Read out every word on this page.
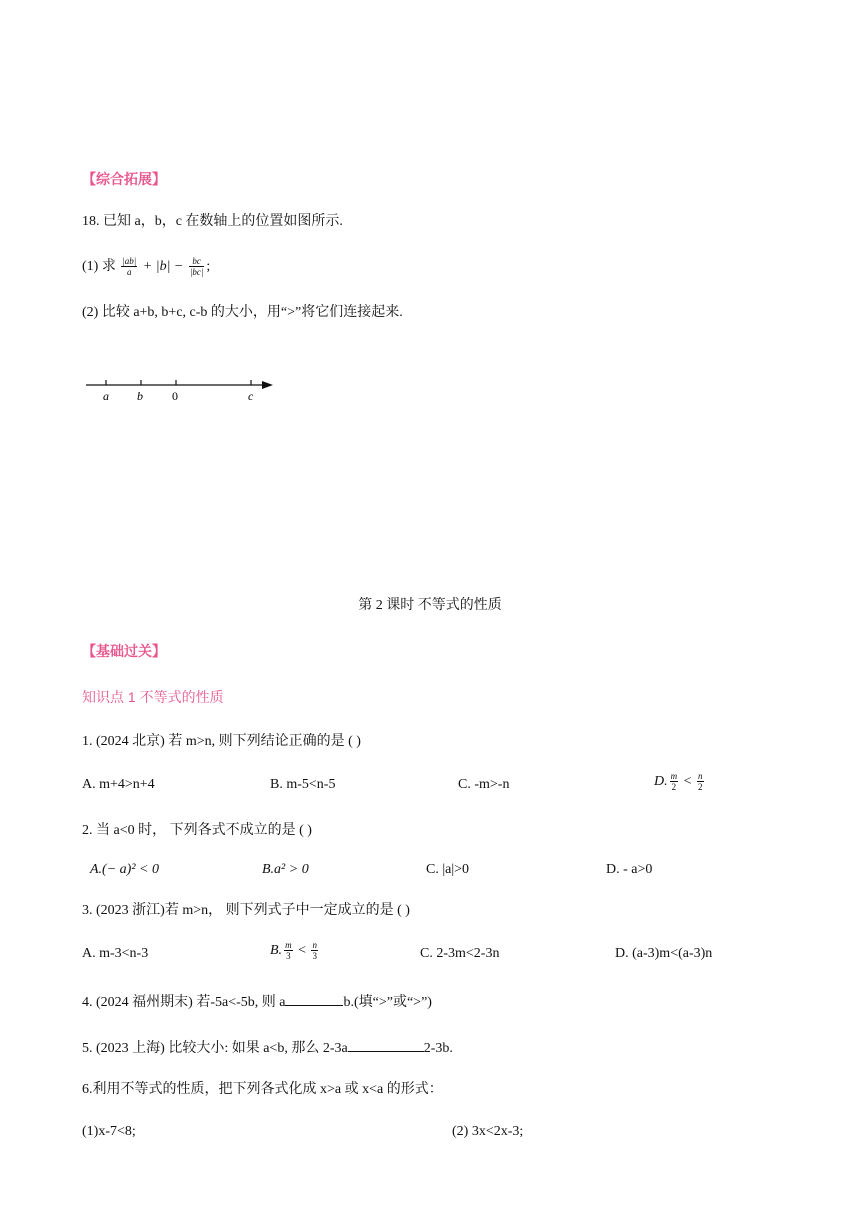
【综合拓展】
18. 已知 a，b，c 在数轴上的位置如图所示.
(1) 求 $\frac{|ab|}{a} + |b| - \frac{bc}{|bc|}$ ;
(2) 比较 a+b, b+c, c-b 的大小，用“>”将它们连接起来.
a b 0	c
第 2 课时 不等式的性质
【基础过关】
知识点 1 不等式的性质
1. (2024 北京) 若 m>n, 则下列结论正确的是 ( )
A. m+4>n+4	B. m-5<n-5	C. -m>-n	D. $\frac{m}{2} < \frac{n}{2}$
2. 当 a<0 时， 下列各式不成立的是 ( )
A.(− a)² < 0	B.a² > 0	C. |a|>0	D. - a>0
3. (2023 浙江)若 m>n， 则下列式子中一定成立的是 ( )
A. m-3<n-3	B. $\frac{m}{3} < \frac{n}{3}$	C. 2-3m<2-3n	D. (a-3)m<(a-3)n
4. (2024 福州期末) 若-5a<-5b, 则 a	b.(填“>”或“>”)
5. (2023 上海) 比较大小: 如果 a<b, 那么 2-3a	2-3b.
6.利用不等式的性质，把下列各式化成 x>a 或 x<a 的形式：
(1)x-7<8;	(2) 3x<2x-3;
